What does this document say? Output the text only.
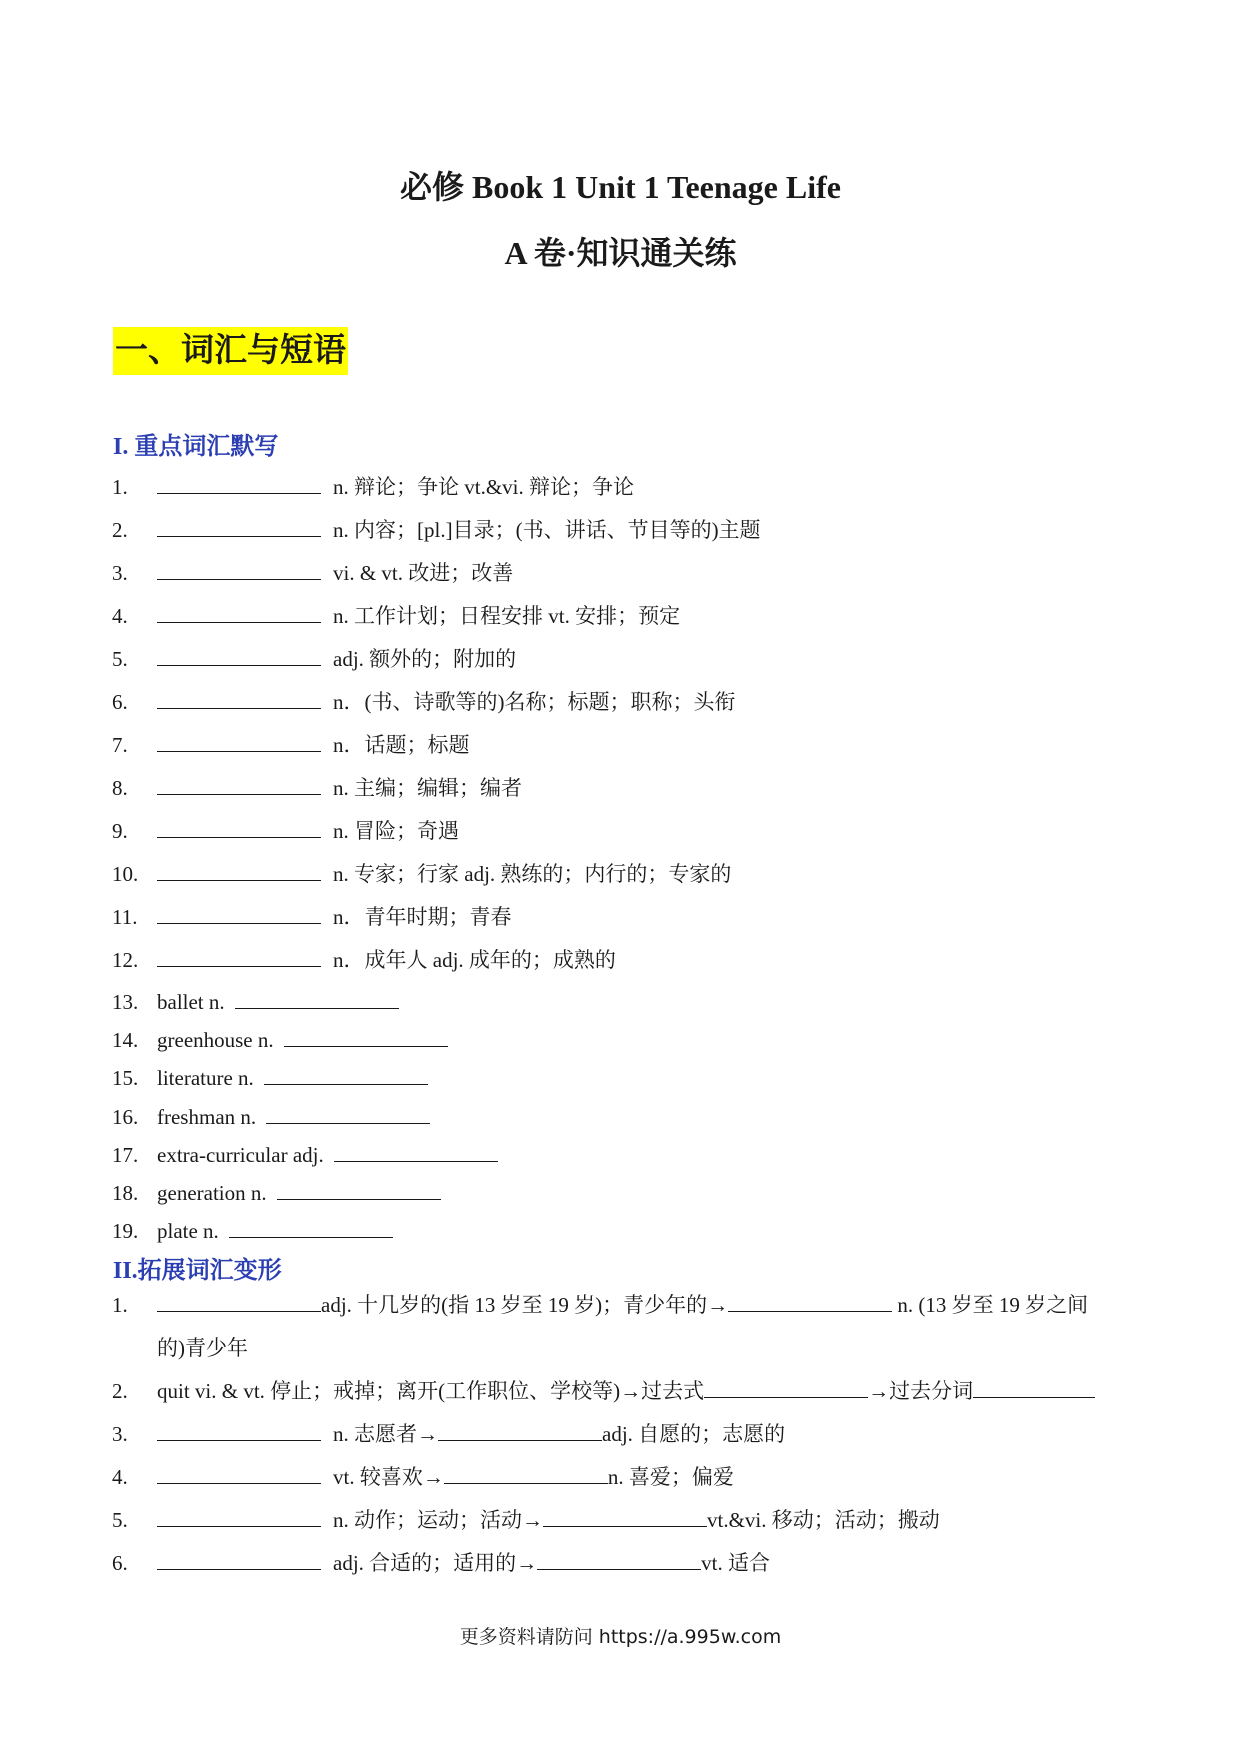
必修 Book 1 Unit 1 Teenage Life
A 卷·知识通关练
一、词汇与短语
I. 重点词汇默写
1.	n. 辩论；争论 vt.&vi. 辩论；争论
2.	n. 内容；[pl.]目录；(书、讲话、节目等的)主题
3.	vi. & vt. 改进；改善
4.	n. 工作计划；日程安排 vt. 安排；预定
5.	adj. 额外的；附加的
6.	n．(书、诗歌等的)名称；标题；职称；头衔
7.	n．话题；标题
8.	n. 主编；编辑；编者
9.	n. 冒险；奇遇
10.	n. 专家；行家 adj. 熟练的；内行的；专家的
11.	n．青年时期；青春
12.	n．成年人 adj. 成年的；成熟的
13. ballet n.
14. greenhouse n.
15. literature n.
16. freshman n.
17. extra-curricular adj.
18. generation n.
19. plate n.
II.拓展词汇变形
1.	adj. 十几岁的(指 13 岁至 19 岁)；青少年的→	n. (13 岁至 19 岁之间
的)青少年
2. quit vi. & vt. 停止；戒掉；离开(工作职位、学校等)→过去式	→过去分词
3.	n. 志愿者→	adj. 自愿的；志愿的
4.	vt. 较喜欢→	n. 喜爱；偏爱
5.	n. 动作；运动；活动→	vt.&vi. 移动；活动；搬动
6.	adj. 合适的；适用的→	vt. 适合
更多资料请防问 https://a.995w.com
